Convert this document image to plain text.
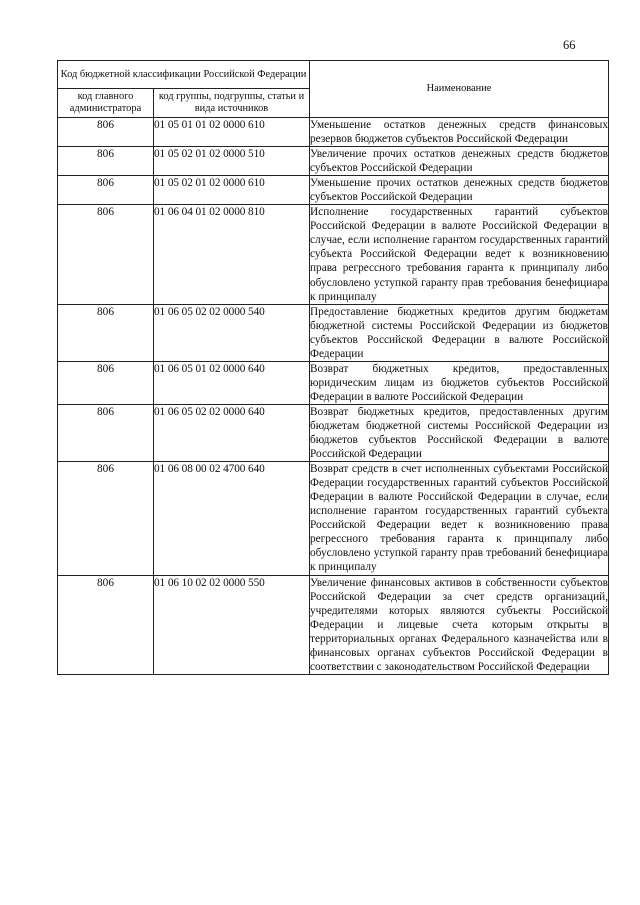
66
Код бюджетной классификации Российской Федерации		Наименование
код главного администратора	код группы, подгруппы, статьи и вида источников	
806	01 05 01 01 02 0000 610	Уменьшение остатков денежных средств финансовых резервов бюджетов субъектов Российской Федерации
806	01 05 02 01 02 0000 510	Увеличение прочих остатков денежных средств бюджетов субъектов Российской Федерации
806	01 05 02 01 02 0000 610	Уменьшение прочих остатков денежных средств бюджетов субъектов Российской Федерации
806	01 06 04 01 02 0000 810	Исполнение государственных гарантий субъектов Российской Федерации в валюте Российской Федерации в случае, если исполнение гарантом государственных гарантий субъекта Российской Федерации ведет к возникновению права регрессного требования гаранта к принципалу либо обусловлено уступкой гаранту прав требования бенефициара к принципалу
806	01 06 05 02 02 0000 540	Предоставление бюджетных кредитов другим бюджетам бюджетной системы Российской Федерации из бюджетов субъектов Российской Федерации в валюте Российской Федерации
806	01 06 05 01 02 0000 640	Возврат бюджетных кредитов, предоставленных юридическим лицам из бюджетов субъектов Российской Федерации в валюте Российской Федерации
806	01 06 05 02 02 0000 640	Возврат бюджетных кредитов, предоставленных другим бюджетам бюджетной системы Российской Федерации из бюджетов субъектов Российской Федерации в валюте Российской Федерации
806	01 06 08 00 02 4700 640	Возврат средств в счет исполненных субъектами Российской Федерации государственных гарантий субъектов Российской Федерации в валюте Российской Федерации в случае, если исполнение гарантом государственных гарантий субъекта Российской Федерации ведет к возникновению права регрессного требования гаранта к принципалу либо обусловлено уступкой гаранту прав требований бенефициара к принципалу
806	01 06 10 02 02 0000 550	Увеличение финансовых активов в собственности субъектов Российской Федерации за счет средств организаций, учредителями которых являются субъекты Российской Федерации и лицевые счета которым открыты в территориальных органах Федерального казначейства или в финансовых органах субъектов Российской Федерации в соответствии с законодательством Российской Федерации
